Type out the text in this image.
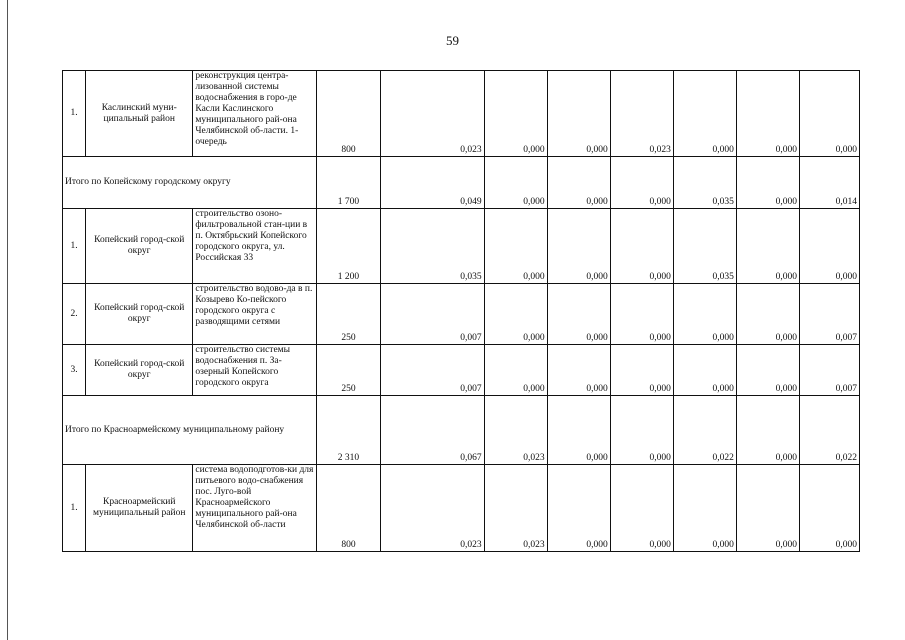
59
1.	Каслинский муни-ципальный район	реконструкция центра-лизованной системы водоснабжения в горо-де Касли Каслинского муниципального рай-она Челябинской об-ласти. 1-очередь	800	0,023	0,000	0,000	0,023	0,000	0,000	0,000
Итого по Копейскому городскому округу			1 700	0,049	0,000	0,000	0,000	0,035	0,000	0,014
1.	Копейский город-ской округ	строительство озоно-фильтровальной стан-ции в п. Октябрьский Копейского городского округа, ул. Российская 33	1 200	0,035	0,000	0,000	0,000	0,035	0,000	0,000
2.	Копейский город-ской округ	строительство водово-да в п. Козырево Ко-пейского городского округа с разводящими сетями	250	0,007	0,000	0,000	0,000	0,000	0,000	0,007
3.	Копейский город-ской округ	строительство системы водоснабжения п. За-озерный Копейского городского округа	250	0,007	0,000	0,000	0,000	0,000	0,000	0,007
Итого по Красноармейскому муниципальному району			2 310	0,067	0,023	0,000	0,000	0,022	0,000	0,022
1.	Красноармейский муниципальный район	система водоподготов-ки для питьевого водо-снабжения пос. Луго-вой Красноармейского муниципального рай-она Челябинской об-ласти	800	0,023	0,023	0,000	0,000	0,000	0,000	0,000
